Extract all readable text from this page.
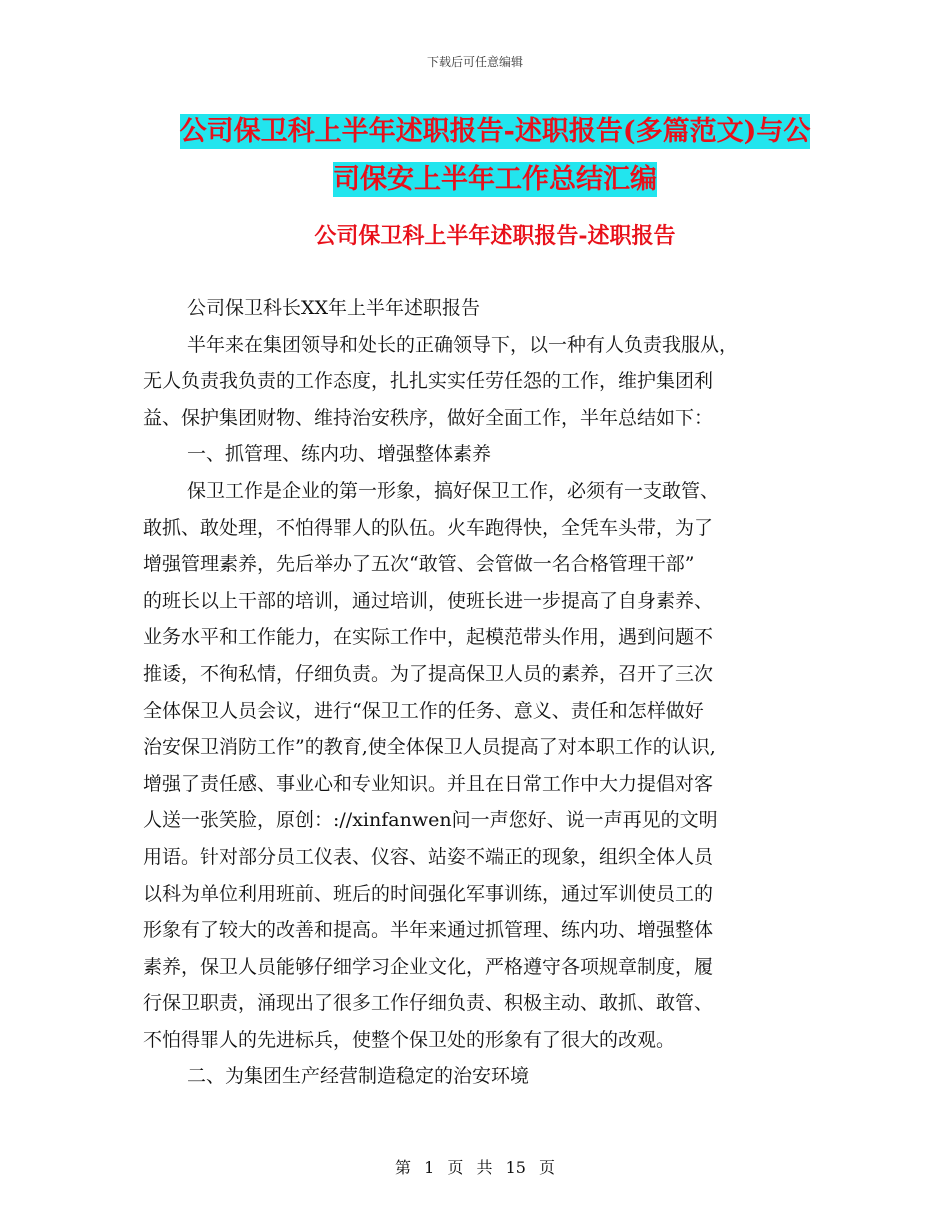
下载后可任意编辑
公司保卫科上半年述职报告-述职报告(多篇范文)与公
司保安上半年工作总结汇编
公司保卫科上半年述职报告-述职报告
公司保卫科长XX年上半年述职报告
半年来在集团领导和处长的正确领导下，以一种有人负责我服从，
无人负责我负责的工作态度，扎扎实实任劳任怨的工作，维护集团利
益、保护集团财物、维持治安秩序，做好全面工作，半年总结如下：
一、抓管理、练内功、增强整体素养
保卫工作是企业的第一形象，搞好保卫工作，必须有一支敢管、
敢抓、敢处理，不怕得罪人的队伍。火车跑得快，全凭车头带，为了
增强管理素养，先后举办了五次“敢管、会管做一名合格管理干部”
的班长以上干部的培训，通过培训，使班长进一步提高了自身素养、
业务水平和工作能力，在实际工作中，起模范带头作用，遇到问题不
推诿，不徇私情，仔细负责。为了提高保卫人员的素养，召开了三次
全体保卫人员会议，进行“保卫工作的任务、意义、责任和怎样做好
治安保卫消防工作”的教育,使全体保卫人员提高了对本职工作的认识,
增强了责任感、事业心和专业知识。并且在日常工作中大力提倡对客
人送一张笑脸，原创：://xinfanwen问一声您好、说一声再见的文明
用语。针对部分员工仪表、仪容、站姿不端正的现象，组织全体人员
以科为单位利用班前、班后的时间强化军事训练，通过军训使员工的
形象有了较大的改善和提高。半年来通过抓管理、练内功、增强整体
素养，保卫人员能够仔细学习企业文化，严格遵守各项规章制度，履
行保卫职责，涌现出了很多工作仔细负责、积极主动、敢抓、敢管、
不怕得罪人的先进标兵，使整个保卫处的形象有了很大的改观。
二、为集团生产经营制造稳定的治安环境
第 1 页 共 15 页
